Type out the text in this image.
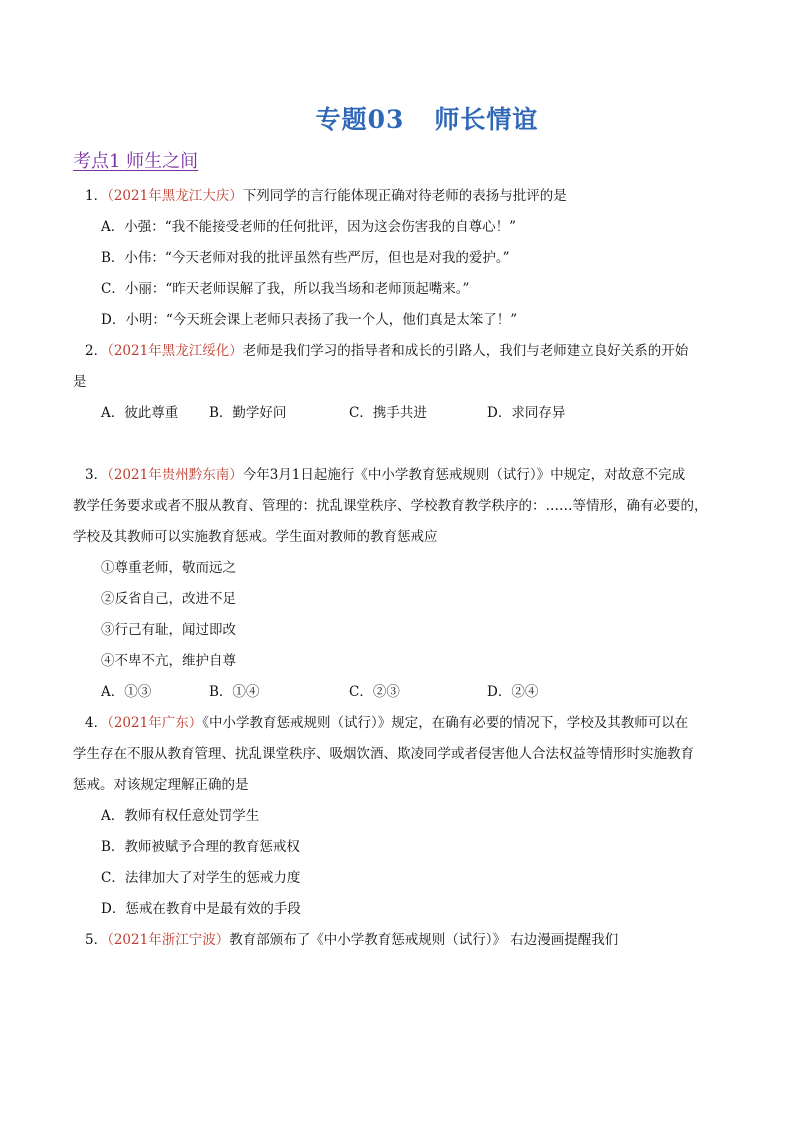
专题03 师长情谊
考点1 师生之间
1．（2021年黑龙江大庆）下列同学的言行能体现正确对待老师的表扬与批评的是
A．小强：“我不能接受老师的任何批评，因为这会伤害我的自尊心！”
B．小伟：“今天老师对我的批评虽然有些严厉，但也是对我的爱护。”
C．小丽：“昨天老师误解了我，所以我当场和老师顶起嘴来。”
D．小明：“今天班会课上老师只表扬了我一个人，他们真是太笨了！”
2．（2021年黑龙江绥化）老师是我们学习的指导者和成长的引路人，我们与老师建立良好关系的开始
是
A．彼此尊重 B．勤学好问	C．携手共进	D．求同存异
3．（2021年贵州黔东南）今年3月1日起施行《中小学教育惩戒规则（试行）》中规定，对故意不完成
教学任务要求或者不服从教育、管理的：扰乱课堂秩序、学校教育教学秩序的：……等情形，确有必要的，
学校及其教师可以实施教育惩戒。学生面对教师的教育惩戒应
①尊重老师，敬而远之
②反省自己，改进不足
③行己有耻，闻过即改
④不卑不亢，维护自尊
A．①③	B．①④	C．②③	D．②④
4．（2021年广东）《中小学教育惩戒规则（试行）》规定，在确有必要的情况下，学校及其教师可以在
学生存在不服从教育管理、扰乱课堂秩序、吸烟饮酒、欺凌同学或者侵害他人合法权益等情形时实施教育
惩戒。对该规定理解正确的是
A．教师有权任意处罚学生
B．教师被赋予合理的教育惩戒权
C．法律加大了对学生的惩戒力度
D．惩戒在教育中是最有效的手段
5．（2021年浙江宁波）教育部颁布了《中小学教育惩戒规则（试行）》 右边漫画提醒我们
